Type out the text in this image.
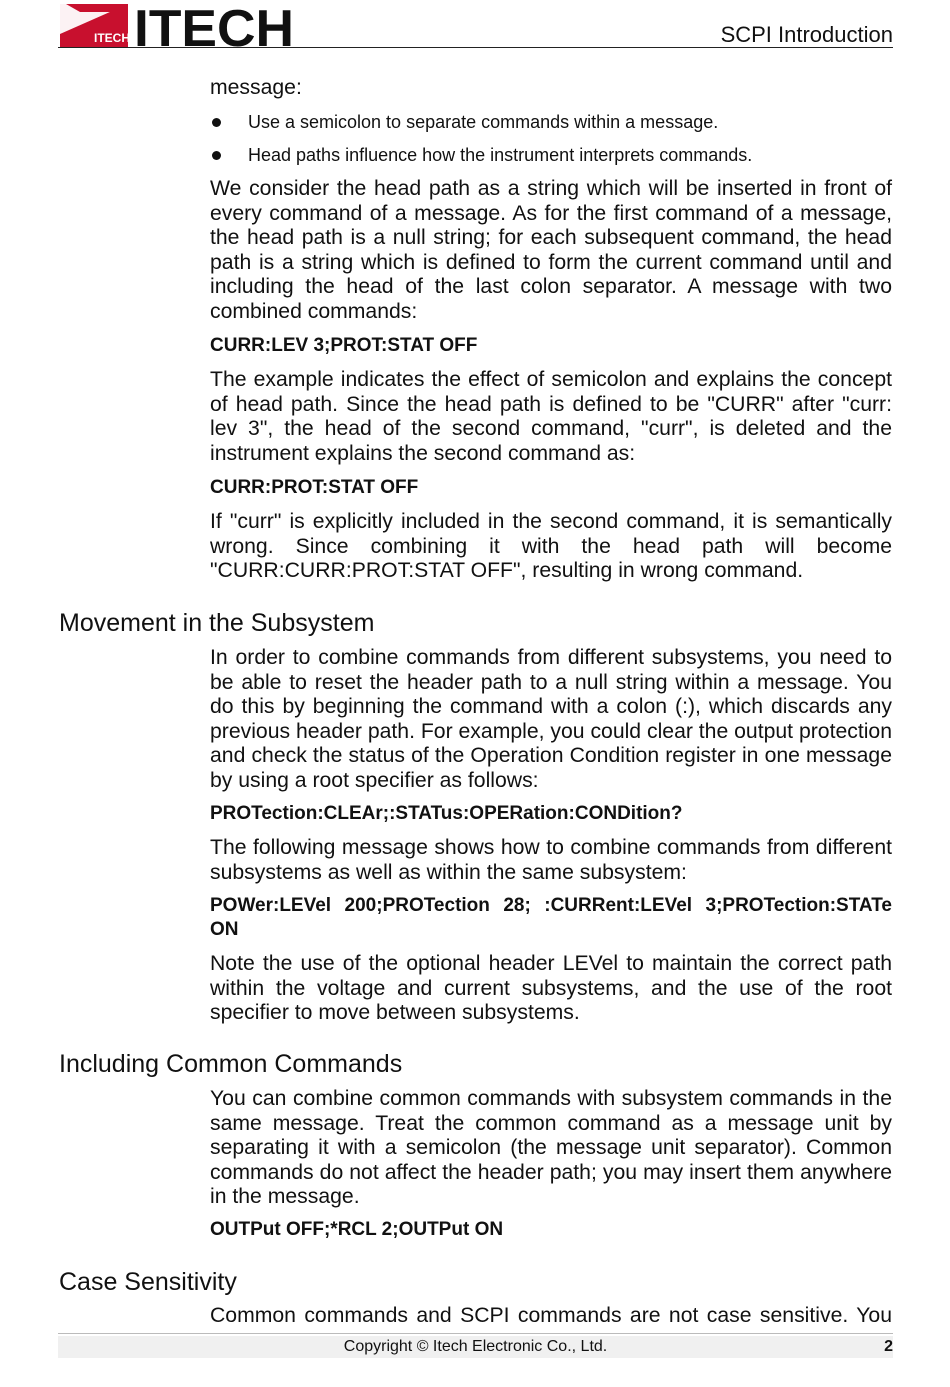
ITECH ITECH	SCPI Introduction

message:

Use a semicolon to separate commands within a message.
Head paths influence how the instrument interprets commands.

We consider the head path as a string which will be inserted in front of every command of a message. As for the first command of a message, the head path is a null string; for each subsequent command, the head path is a string which is defined to form the current command until and including the head of the last colon separator. A message with two combined commands:

CURR:LEV 3;PROT:STAT OFF

The example indicates the effect of semicolon and explains the concept of head path. Since the head path is defined to be "CURR" after "curr: lev 3", the head of the second command, "curr", is deleted and the instrument explains the second command as:

CURR:PROT:STAT OFF

If "curr" is explicitly included in the second command, it is semantically wrong. Since combining it with the head path will become "CURR:CURR:PROT:STAT OFF", resulting in wrong command.

Movement in the Subsystem

In order to combine commands from different subsystems, you need to be able to reset the header path to a null string within a message. You do this by beginning the command with a colon (:), which discards any previous header path. For example, you could clear the output protection and check the status of the Operation Condition register in one message by using a root specifier as follows:

PROTection:CLEAr;:STATus:OPERation:CONDition?

The following message shows how to combine commands from different subsystems as well as within the same subsystem:

POWer:LEVel 200;PROTection 28; :CURRent:LEVel 3;PROTection:STATe ON

Note the use of the optional header LEVel to maintain the correct path within the voltage and current subsystems, and the use of the root specifier to move between subsystems.

Including Common Commands

You can combine common commands with subsystem commands in the same message. Treat the common command as a message unit by separating it with a semicolon (the message unit separator). Common commands do not affect the header path; you may insert them anywhere in the message.

OUTPut OFF;*RCL 2;OUTPut ON

Case Sensitivity

Common commands and SCPI commands are not case sensitive. You

Copyright © Itech Electronic Co., Ltd.	2
